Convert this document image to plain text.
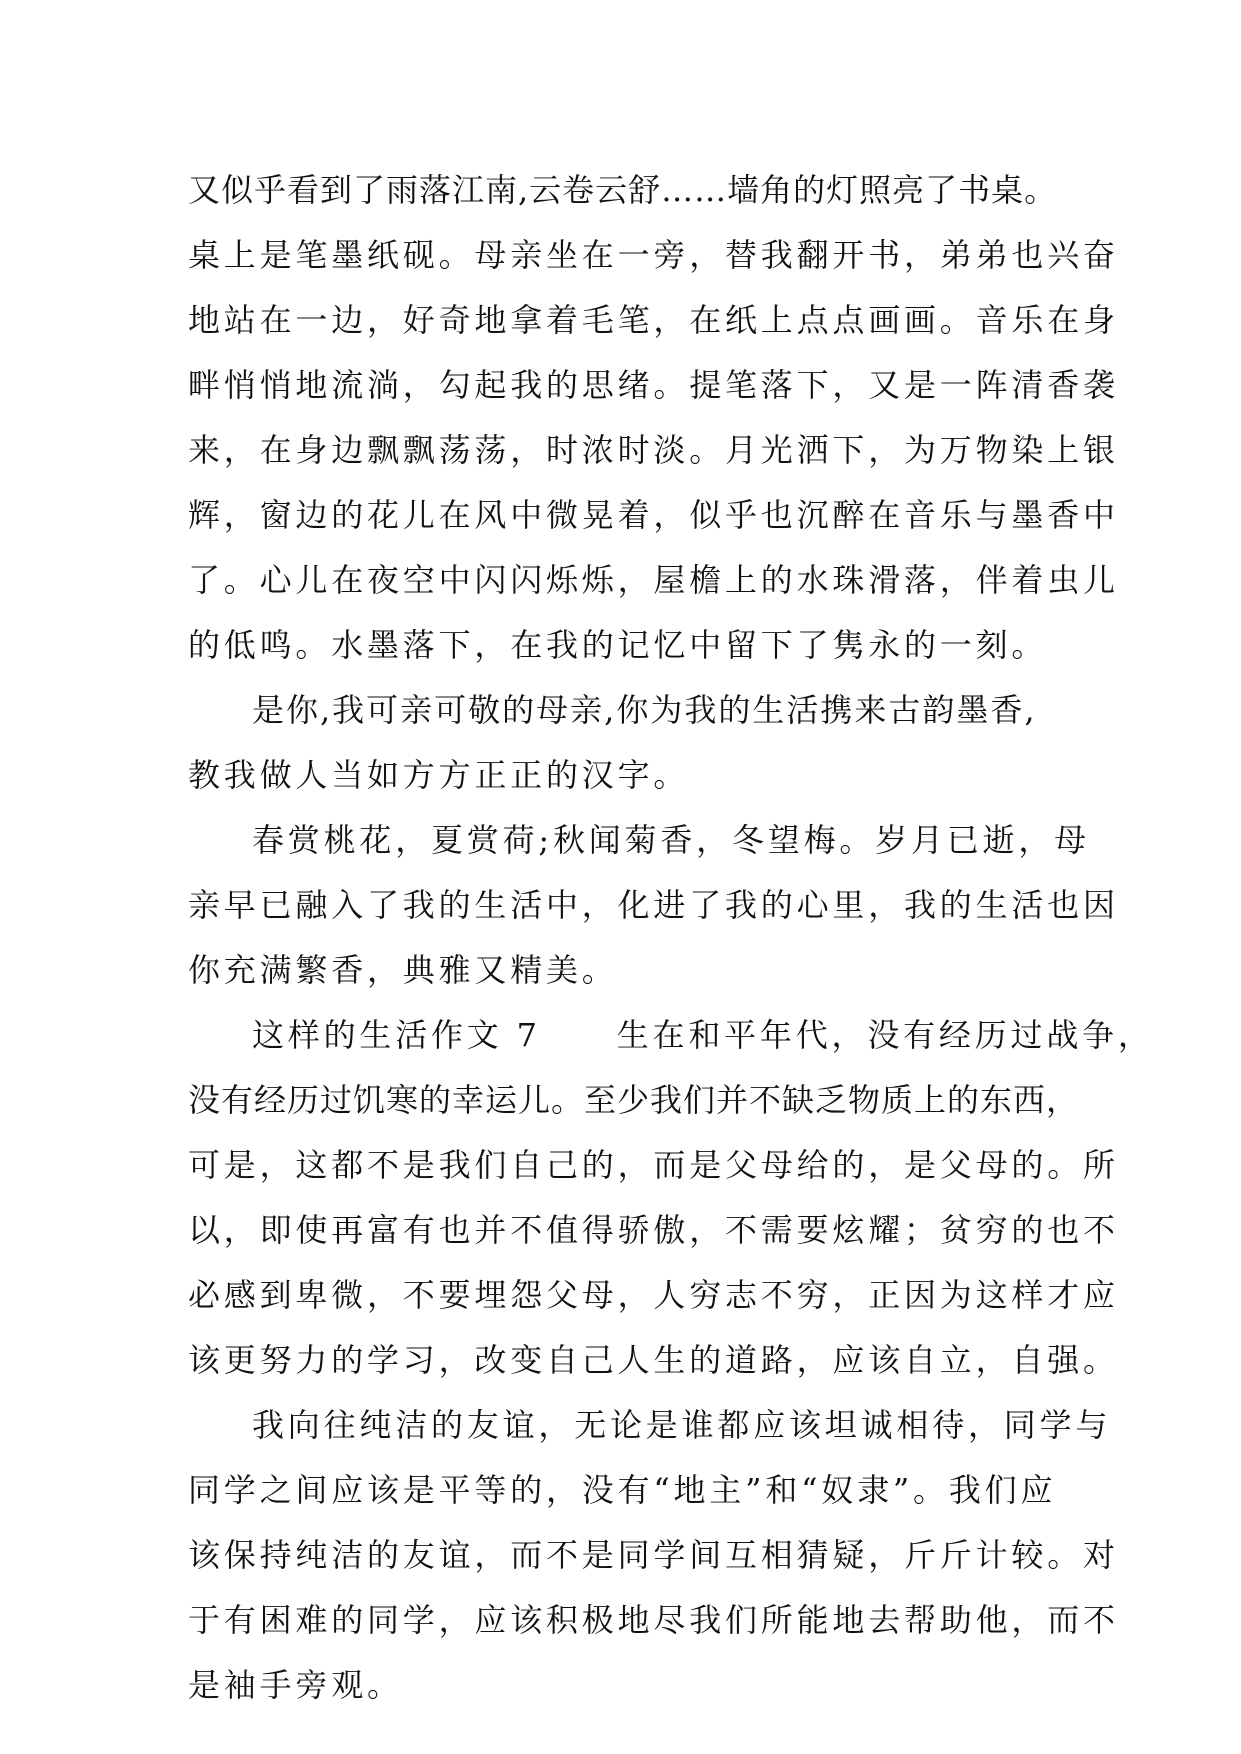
又似乎看到了雨落江南,云卷云舒……墙角的灯照亮了书桌。
桌上是笔墨纸砚。母亲坐在一旁，替我翻开书，弟弟也兴奋
地站在一边，好奇地拿着毛笔，在纸上点点画画。音乐在身
畔悄悄地流淌，勾起我的思绪。提笔落下，又是一阵清香袭
来，在身边飘飘荡荡，时浓时淡。月光洒下，为万物染上银
辉，窗边的花儿在风中微晃着，似乎也沉醉在音乐与墨香中
了。心儿在夜空中闪闪烁烁，屋檐上的水珠滑落，伴着虫儿
的低鸣。水墨落下，在我的记忆中留下了隽永的一刻。
是你,我可亲可敬的母亲,你为我的生活携来古韵墨香,
教我做人当如方方正正的汉字。
春赏桃花，夏赏荷;秋闻菊香，冬望梅。岁月已逝，母
亲早已融入了我的生活中，化进了我的心里，我的生活也因
你充满繁香，典雅又精美。
这样的生活作文 7 生在和平年代，没有经历过战争，
没有经历过饥寒的幸运儿。至少我们并不缺乏物质上的东西，
可是，这都不是我们自己的，而是父母给的，是父母的。所
以，即使再富有也并不值得骄傲，不需要炫耀；贫穷的也不
必感到卑微，不要埋怨父母，人穷志不穷，正因为这样才应
该更努力的学习，改变自己人生的道路，应该自立，自强。
我向往纯洁的友谊，无论是谁都应该坦诚相待，同学与
同学之间应该是平等的，没有“地主”和“奴隶”。我们应
该保持纯洁的友谊，而不是同学间互相猜疑，斤斤计较。对
于有困难的同学，应该积极地尽我们所能地去帮助他，而不
是袖手旁观。
